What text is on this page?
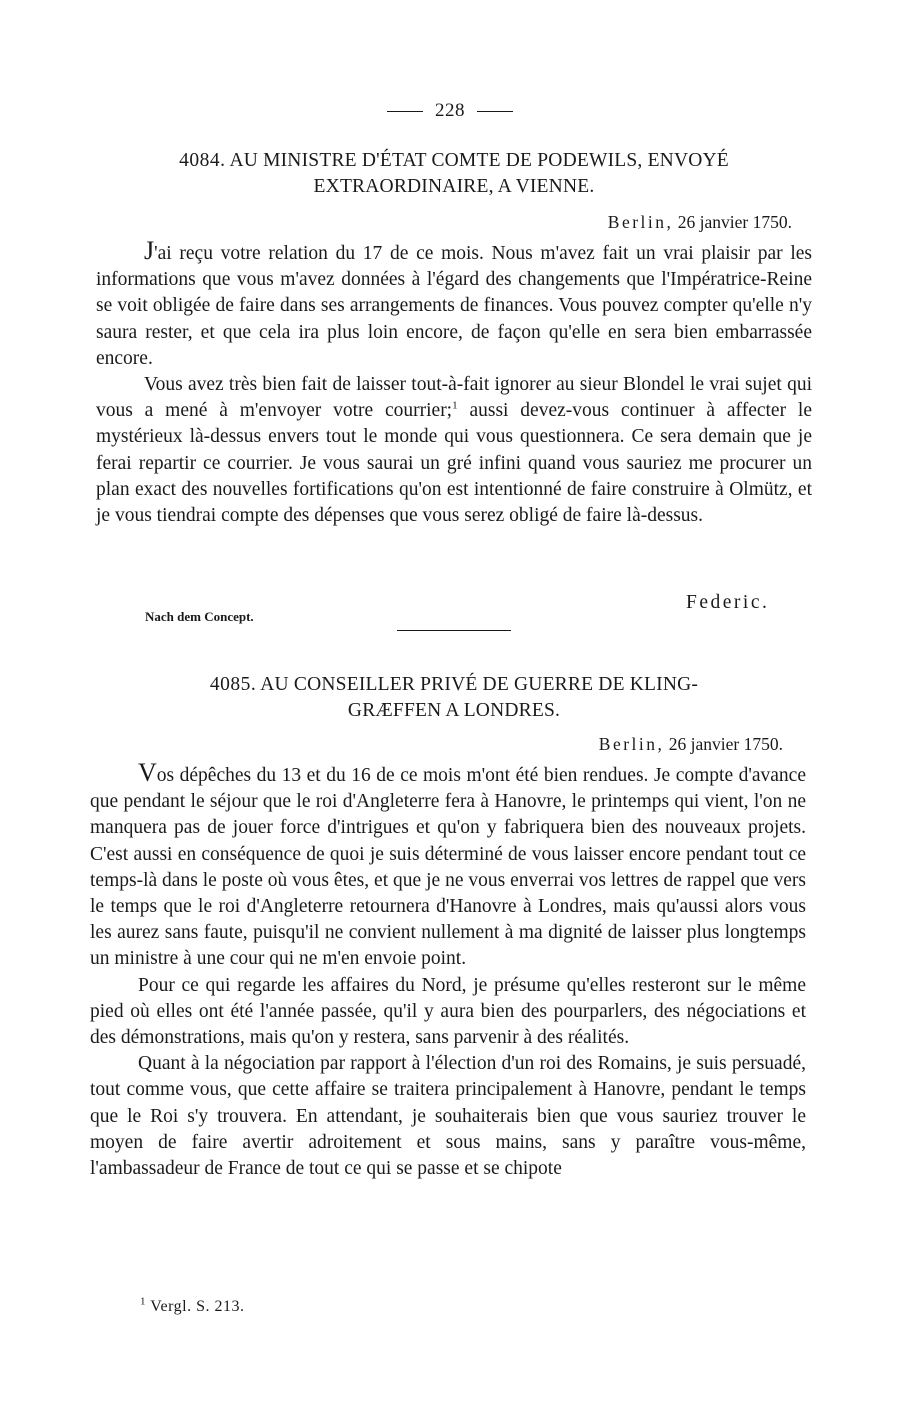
228
4084. AU MINISTRE D'ÉTAT COMTE DE PODEWILS, ENVOYÉ
EXTRAORDINAIRE, A VIENNE.
Berlin, 26 janvier 1750.

J'ai reçu votre relation du 17 de ce mois. Nous m'avez fait un vrai plaisir par les informations que vous m'avez données à l'égard des changements que l'Impératrice-Reine se voit obligée de faire dans ses arrangements de finances. Vous pouvez compter qu'elle n'y saura rester, et que cela ira plus loin encore, de façon qu'elle en sera bien embarrassée encore.

Vous avez très bien fait de laisser tout-à-fait ignorer au sieur Blondel le vrai sujet qui vous a mené à m'envoyer votre courrier;$^1$ aussi devez-vous continuer à affecter le mystérieux là-dessus envers tout le monde qui vous questionnera. Ce sera demain que je ferai repartir ce courrier. Je vous saurai un gré infini quand vous sauriez me procurer un plan exact des nouvelles fortifications qu'on est intentionné de faire construire à Olmütz, et je vous tiendrai compte des dépenses que vous serez obligé de faire là-dessus.

Federic.
Nach dem Concept.
4085. AU CONSEILLER PRIVÉ DE GUERRE DE KLING-
GRÆFFEN A LONDRES.
Berlin, 26 janvier 1750.

Vos dépêches du 13 et du 16 de ce mois m'ont été bien rendues. Je compte d'avance que pendant le séjour que le roi d'Angleterre fera à Hanovre, le printemps qui vient, l'on ne manquera pas de jouer force d'intrigues et qu'on y fabriquera bien des nouveaux projets. C'est aussi en conséquence de quoi je suis déterminé de vous laisser encore pendant tout ce temps-là dans le poste où vous êtes, et que je ne vous enverrai vos lettres de rappel que vers le temps que le roi d'Angleterre retournera d'Hanovre à Londres, mais qu'aussi alors vous les aurez sans faute, puisqu'il ne convient nullement à ma dignité de laisser plus longtemps un ministre à une cour qui ne m'en envoie point.

Pour ce qui regarde les affaires du Nord, je présume qu'elles resteront sur le même pied où elles ont été l'année passée, qu'il y aura bien des pourparlers, des négociations et des démonstrations, mais qu'on y restera, sans parvenir à des réalités.

Quant à la négociation par rapport à l'élection d'un roi des Romains, je suis persuadé, tout comme vous, que cette affaire se traitera principalement à Hanovre, pendant le temps que le Roi s'y trouvera. En attendant, je souhaiterais bien que vous sauriez trouver le moyen de faire avertir adroitement et sous mains, sans y paraître vous-même, l'ambassadeur de France de tout ce qui se passe et se chipote

$^1$ Vergl. S. 213.
